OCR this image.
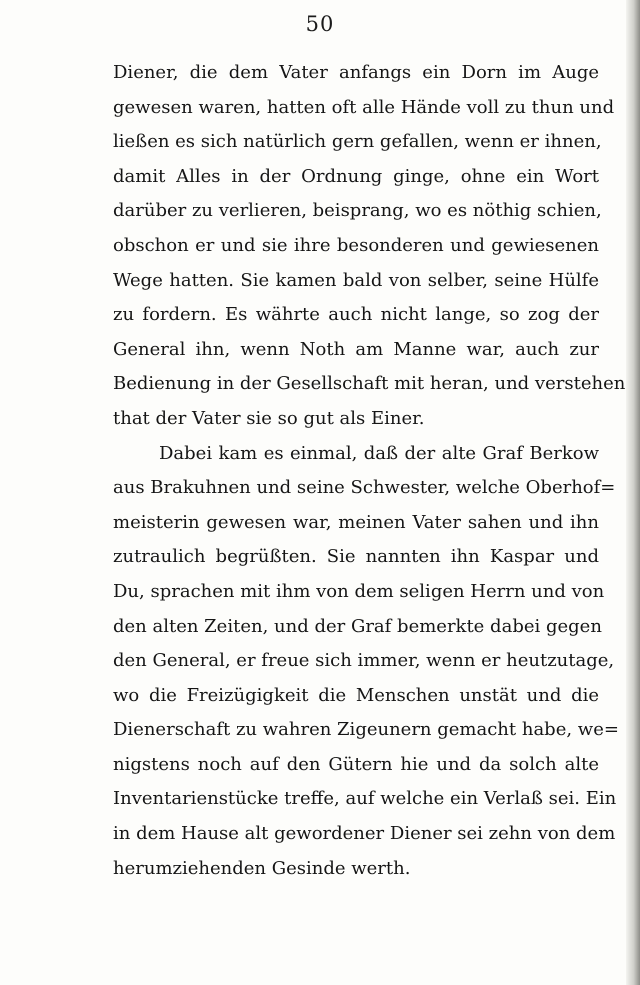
50
Diener, die dem Vater anfangs ein Dorn im Auge
gewesen waren, hatten oft alle Hände voll zu thun und
ließen es sich natürlich gern gefallen, wenn er ihnen,
damit Alles in der Ordnung ginge, ohne ein Wort
darüber zu verlieren, beisprang, wo es nöthig schien,
obschon er und sie ihre besonderen und gewiesenen
Wege hatten. Sie kamen bald von selber, seine Hülfe
zu fordern. Es währte auch nicht lange, so zog der
General ihn, wenn Noth am Manne war, auch zur
Bedienung in der Gesellschaft mit heran, und verstehen
that der Vater sie so gut als Einer.
Dabei kam es einmal, daß der alte Graf Berkow
aus Brakuhnen und seine Schwester, welche Oberhof=
meisterin gewesen war, meinen Vater sahen und ihn
zutraulich begrüßten. Sie nannten ihn Kaspar und
Du, sprachen mit ihm von dem seligen Herrn und von
den alten Zeiten, und der Graf bemerkte dabei gegen
den General, er freue sich immer, wenn er heutzutage,
wo die Freizügigkeit die Menschen unstät und die
Dienerschaft zu wahren Zigeunern gemacht habe, we=
nigstens noch auf den Gütern hie und da solch alte
Inventarienstücke treffe, auf welche ein Verlaß sei. Ein
in dem Hause alt gewordener Diener sei zehn von dem
herumziehenden Gesinde werth.
